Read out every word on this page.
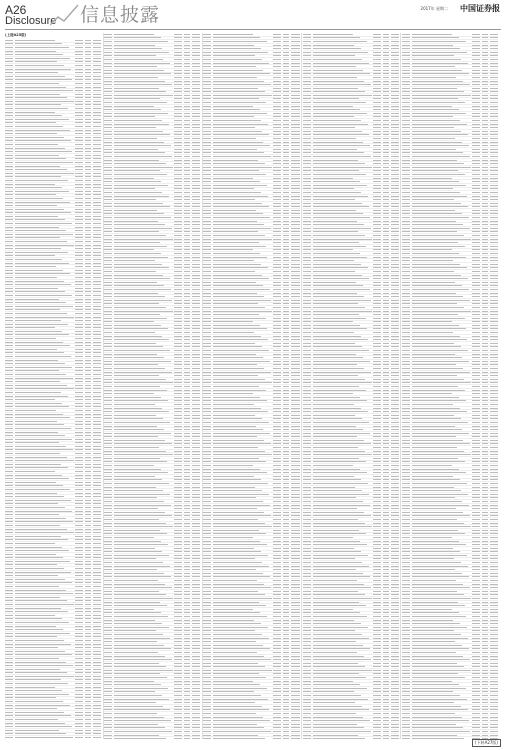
A26
Disclosure 信息披露	2017年 星期二 中国证券报
(上接A25版)
(下转A27版)
